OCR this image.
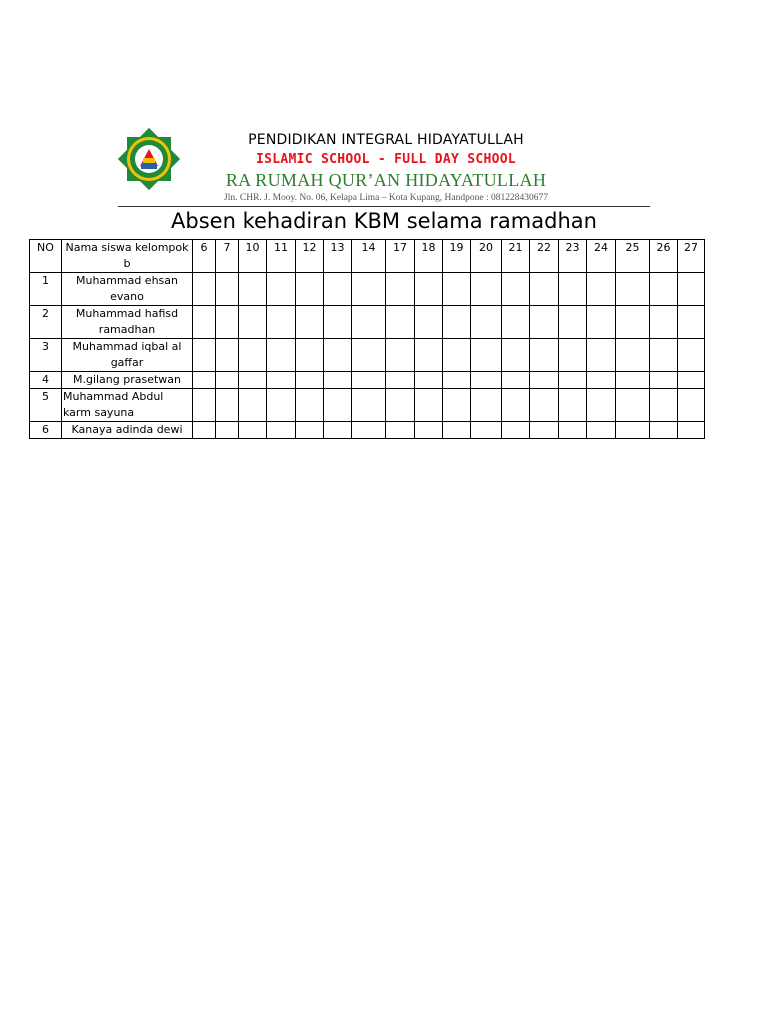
PENDIDIKAN INTEGRAL HIDAYATULLAH
ISLAMIC SCHOOL - FULL DAY SCHOOL
RA RUMAH QUR’AN HIDAYATULLAH
Jln. CHR. J. Mooy. No. 06, Kelapa Lima – Kota Kupang, Handpone : 081228430677
Absen kehadiran KBM selama ramadhan
NO	Nama siswa kelompok b	6	7	10	11	12	13	14	17	18	19	20	21	22	23	24	25	26	27
1	Muhammad ehsan evano																		
2	Muhammad hafisd ramadhan																		
3	Muhammad iqbal al gaffar																		
4	M.gilang prasetwan																		
5	Muhammad Abdul karm sayuna																		
6	Kanaya adinda dewi																		
